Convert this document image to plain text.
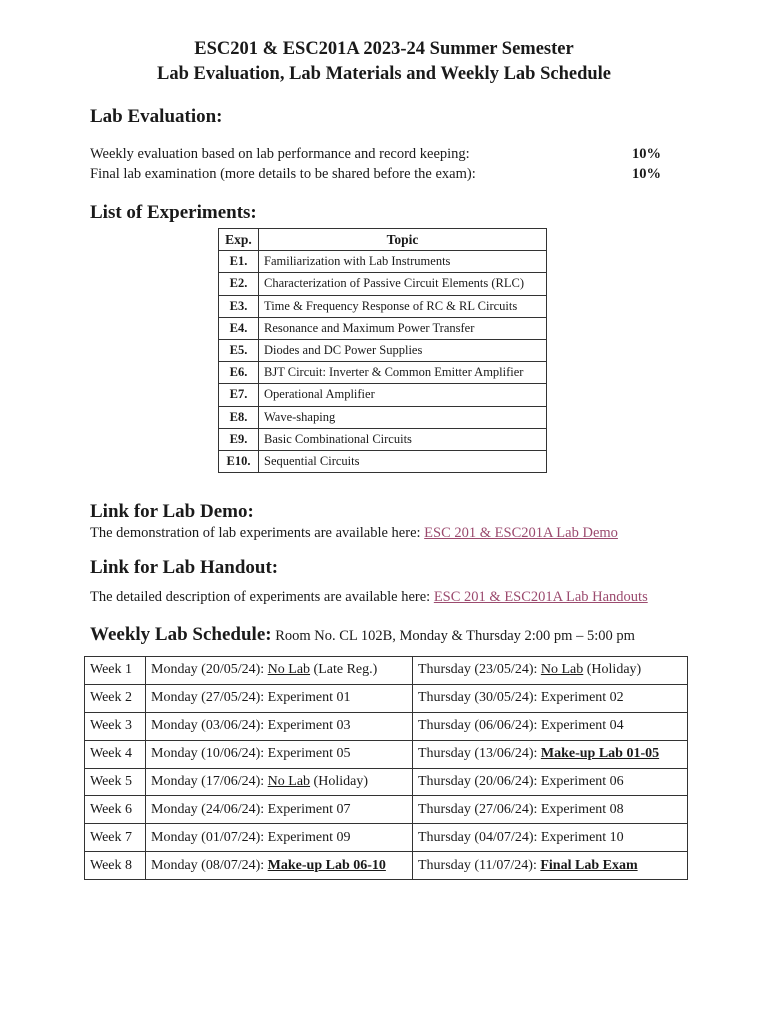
ESC201 & ESC201A 2023-24 Summer Semester
Lab Evaluation, Lab Materials and Weekly Lab Schedule
Lab Evaluation:
Weekly evaluation based on lab performance and record keeping:	10%
Final lab examination (more details to be shared before the exam):	10%
List of Experiments:
Exp.	Topic
E1.	Familiarization with Lab Instruments
E2.	Characterization of Passive Circuit Elements (RLC)
E3.	Time & Frequency Response of RC & RL Circuits
E4.	Resonance and Maximum Power Transfer
E5.	Diodes and DC Power Supplies
E6.	BJT Circuit: Inverter & Common Emitter Amplifier
E7.	Operational Amplifier
E8.	Wave-shaping
E9.	Basic Combinational Circuits
E10.	Sequential Circuits
Link for Lab Demo:
The demonstration of lab experiments are available here: ESC 201 & ESC201A Lab Demo
Link for Lab Handout:
The detailed description of experiments are available here: ESC 201 & ESC201A Lab Handouts
Weekly Lab Schedule: Room No. CL 102B, Monday & Thursday 2:00 pm – 5:00 pm
Week 1	Monday (20/05/24): No Lab (Late Reg.)	Thursday (23/05/24): No Lab (Holiday)
Week 2	Monday (27/05/24): Experiment 01	Thursday (30/05/24): Experiment 02
Week 3	Monday (03/06/24): Experiment 03	Thursday (06/06/24): Experiment 04
Week 4	Monday (10/06/24): Experiment 05	Thursday (13/06/24): Make-up Lab 01-05
Week 5	Monday (17/06/24): No Lab (Holiday)	Thursday (20/06/24): Experiment 06
Week 6	Monday (24/06/24): Experiment 07	Thursday (27/06/24): Experiment 08
Week 7	Monday (01/07/24): Experiment 09	Thursday (04/07/24): Experiment 10
Week 8	Monday (08/07/24): Make-up Lab 06-10	Thursday (11/07/24): Final Lab Exam
